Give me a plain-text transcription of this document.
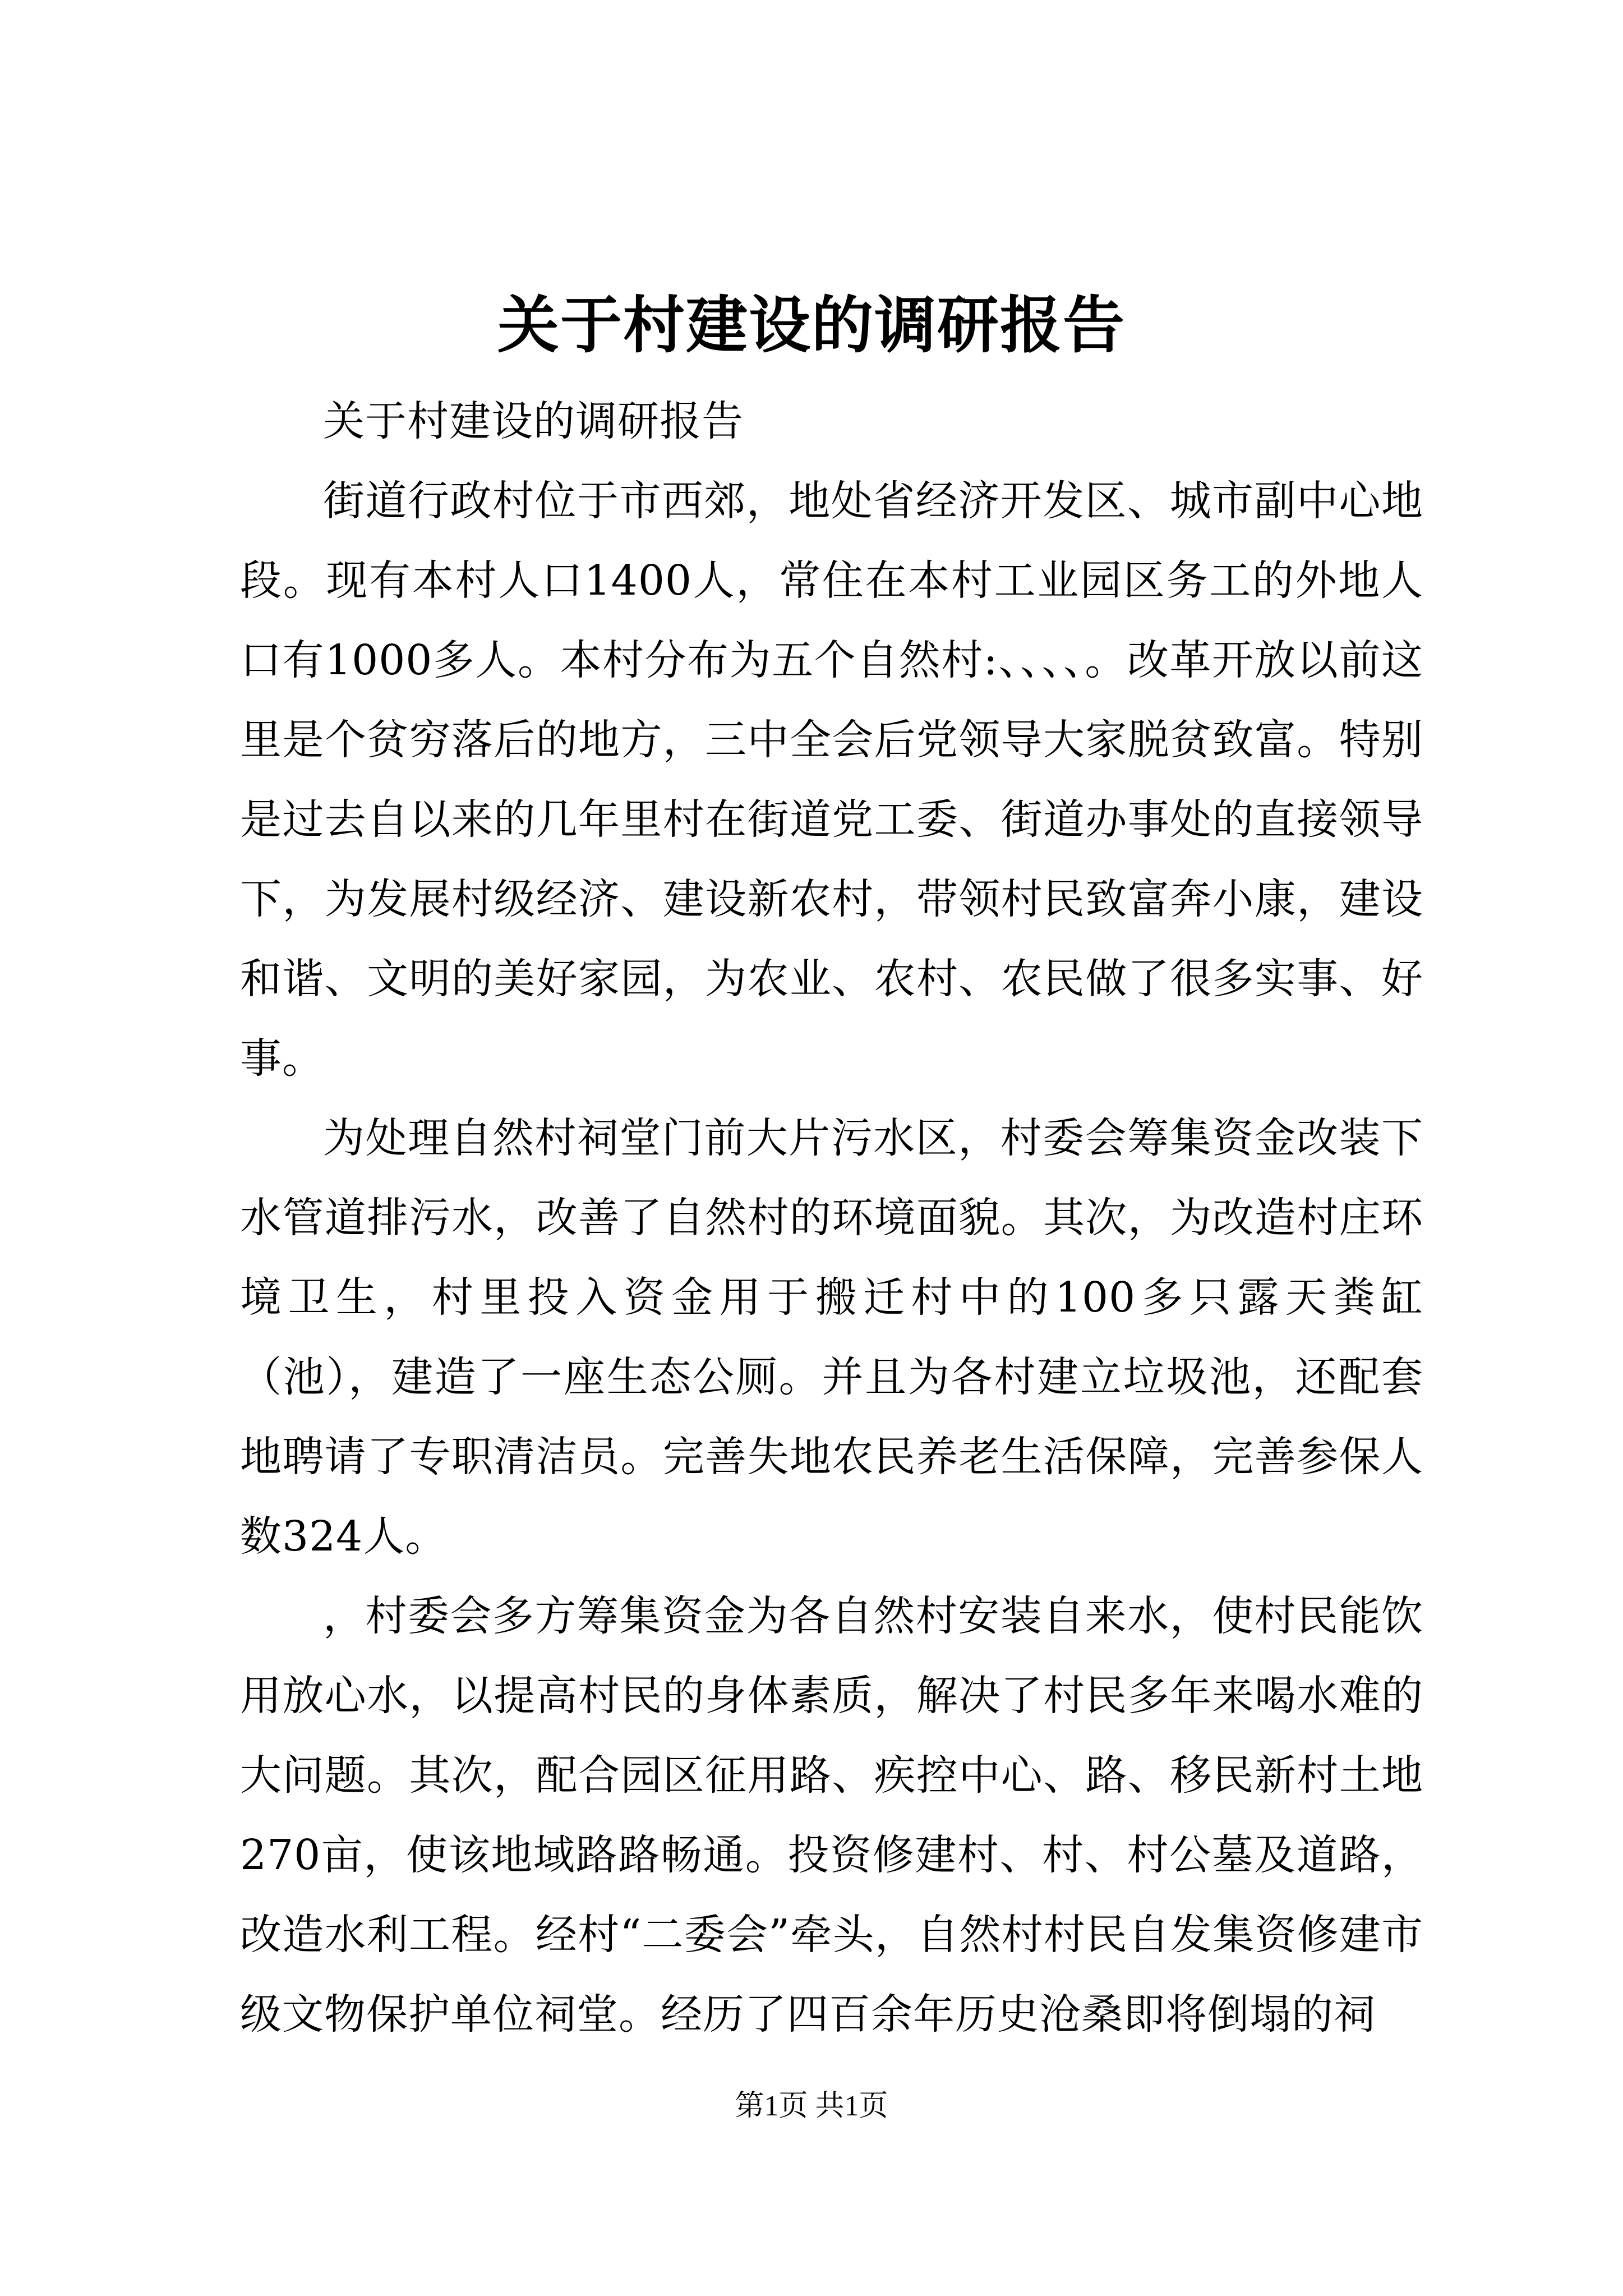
关于村建设的调研报告

关于村建设的调研报告

街道行政村位于市西郊，地处省经济开发区、城市副中心地段。现有本村人口1400人，常住在本村工业园区务工的外地人口有1000多人。本村分布为五个自然村:、、、、。改革开放以前这里是个贫穷落后的地方，三中全会后党领导大家脱贫致富。特别是过去自以来的几年里村在街道党工委、街道办事处的直接领导下，为发展村级经济、建设新农村，带领村民致富奔小康，建设和谐、文明的美好家园，为农业、农村、农民做了很多实事、好事。

为处理自然村祠堂门前大片污水区，村委会筹集资金改装下水管道排污水，改善了自然村的环境面貌。其次，为改造村庄环境卫生，村里投入资金用于搬迁村中的100多只露天粪缸（池），建造了一座生态公厕。并且为各村建立垃圾池，还配套地聘请了专职清洁员。完善失地农民养老生活保障，完善参保人数324人。

，村委会多方筹集资金为各自然村安装自来水，使村民能饮用放心水，以提高村民的身体素质，解决了村民多年来喝水难的大问题。其次，配合园区征用路、疾控中心、路、移民新村土地270亩，使该地域路路畅通。投资修建村、村、村公墓及道路，改造水利工程。经村“二委会”牵头，自然村村民自发集资修建市级文物保护单位祠堂。经历了四百余年历史沧桑即将倒塌的祠

第1页 共1页
